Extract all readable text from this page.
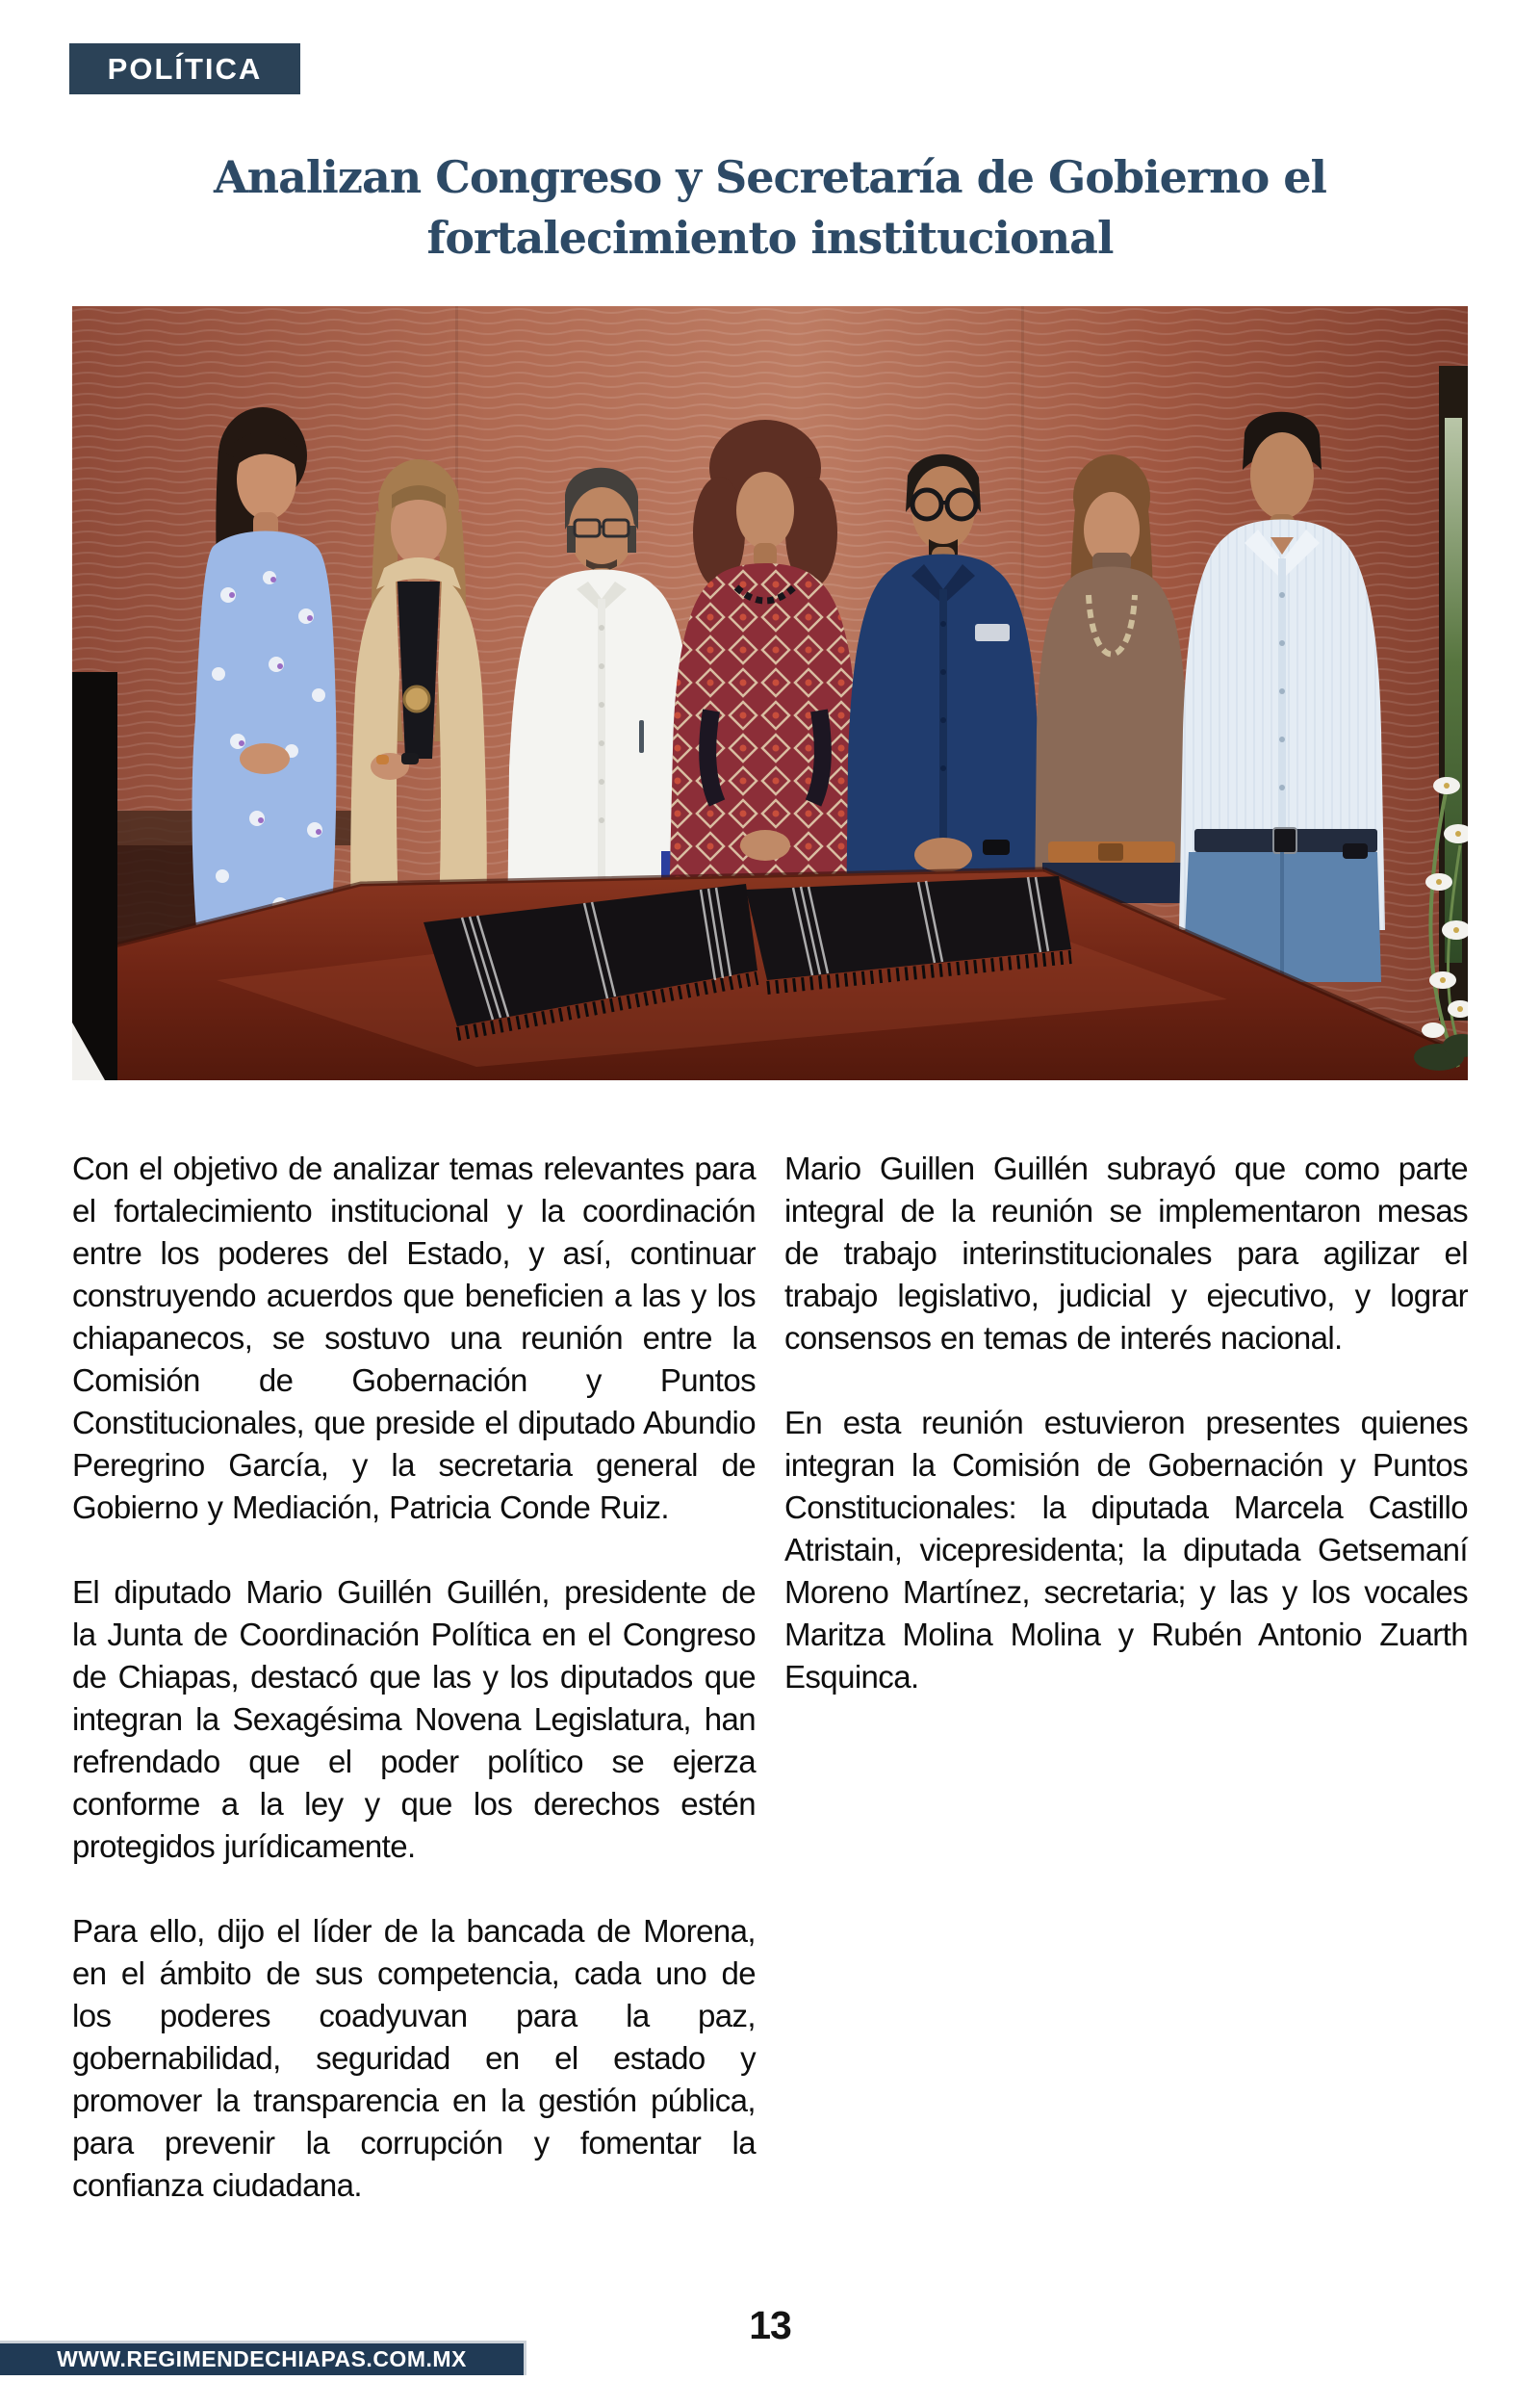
POLÍTICA
Analizan Congreso y Secretaría de Gobierno el
fortalecimiento institucional

Con el objetivo de analizar temas relevantes para el fortalecimiento institucional y la coordinación entre los poderes del Estado, y así, continuar construyendo acuerdos que beneficien a las y los chiapanecos, se sostuvo una reunión entre la Comisión de Gobernación y Puntos Constitucionales, que preside el diputado Abundio Peregrino García, y la secretaria general de Gobierno y Mediación, Patricia Conde Ruiz.

El diputado Mario Guillén Guillén, presidente de la Junta de Coordinación Política en el Congreso de Chiapas, destacó que las y los diputados que integran la Sexagésima Novena Legislatura, han refrendado que el poder político se ejerza conforme a la ley y que los derechos estén protegidos jurídicamente.

Para ello, dijo el líder de la bancada de Morena, en el ámbito de sus competencia, cada uno de los poderes coadyuvan para la paz, gobernabilidad, seguridad en el estado y promover la transparencia en la gestión pública, para prevenir la corrupción y fomentar la confianza ciudadana.

Mario Guillen Guillén subrayó que como parte integral de la reunión se implementaron mesas de trabajo interinstitucionales para agilizar el trabajo legislativo, judicial y ejecutivo, y lograr consensos en temas de interés nacional.

En esta reunión estuvieron presentes quienes integran la Comisión de Gobernación y Puntos Constitucionales: la diputada Marcela Castillo Atristain, vicepresidenta; la diputada Getsemaní Moreno Martínez, secretaria; y las y los vocales Maritza Molina Molina y Rubén Antonio Zuarth Esquinca.

13
WWW.REGIMENDECHIAPAS.COM.MX
